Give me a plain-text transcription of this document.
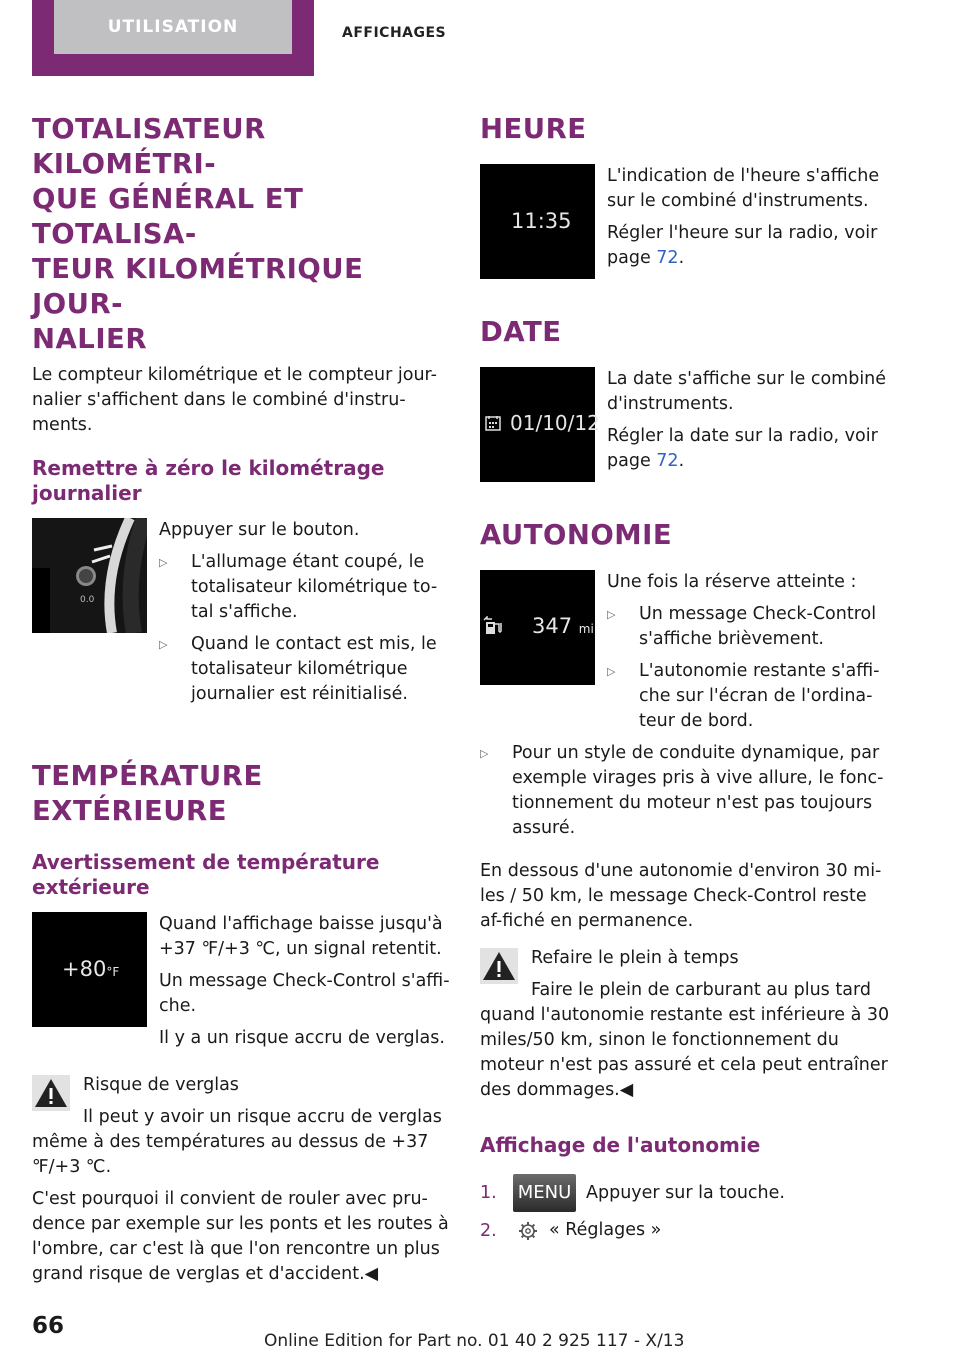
UTILISATION	AFFICHAGES
TOTALISATEUR KILOMÉTRI-
QUE GÉNÉRAL ET TOTALISA-
TEUR KILOMÉTRIQUE JOUR-
NALIER

Le compteur kilométrique et le compteur jour-nalier s'affichent dans le combiné d'instru-ments.

Remettre à zéro le kilométrage journalier
0.0

Appuyer sur le bouton.

▷	L'allumage étant coupé, le totalisateur kilométrique to-tal s'affiche.

▷	Quand le contact est mis, le totalisateur kilométrique journalier est réinitialisé.

TEMPÉRATURE EXTÉRIEURE
Avertissement de température extérieure
+80°F

Quand l'affichage baisse jusqu'à +37 ℉/+3 ℃, un signal retentit.

Un message Check-Control s'affi-che.

Il y a un risque accru de verglas.

Risque de verglas

Il peut y avoir un risque accru de verglas même à des températures au dessus de +37 ℉/+3 ℃.

C'est pourquoi il convient de rouler avec pru-dence par exemple sur les ponts et les routes à l'ombre, car c'est là que l'on rencontre un plus grand risque de verglas et d'accident.◀

HEURE
11:35

L'indication de l'heure s'affiche sur le combiné d'instruments.

Régler l'heure sur la radio, voir page 72.

DATE
01/10/12

La date s'affiche sur le combiné d'instruments.

Régler la date sur la radio, voir page 72.

AUTONOMIE
347 mi

Une fois la réserve atteinte :

▷	Un message Check-Control s'affiche brièvement.

▷	L'autonomie restante s'affi-che sur l'écran de l'ordina-teur de bord.

▷	Pour un style de conduite dynamique, par exemple virages pris à vive allure, le fonc-tionnement du moteur n'est pas toujours assuré.

En dessous d'une autonomie d'environ 30 mi-les / 50 km, le message Check-Control reste af-fiché en permanence.

Refaire le plein à temps

Faire le plein de carburant au plus tard quand l'autonomie restante est inférieure à 30 miles/50 km, sinon le fonctionnement du moteur n'est pas assuré et cela peut entraîner des dommages.◀

Affichage de l'autonomie
1.	MENU Appuyer sur la touche.

2.	« Réglages »

66
Online Edition for Part no. 01 40 2 925 117 - X/13
